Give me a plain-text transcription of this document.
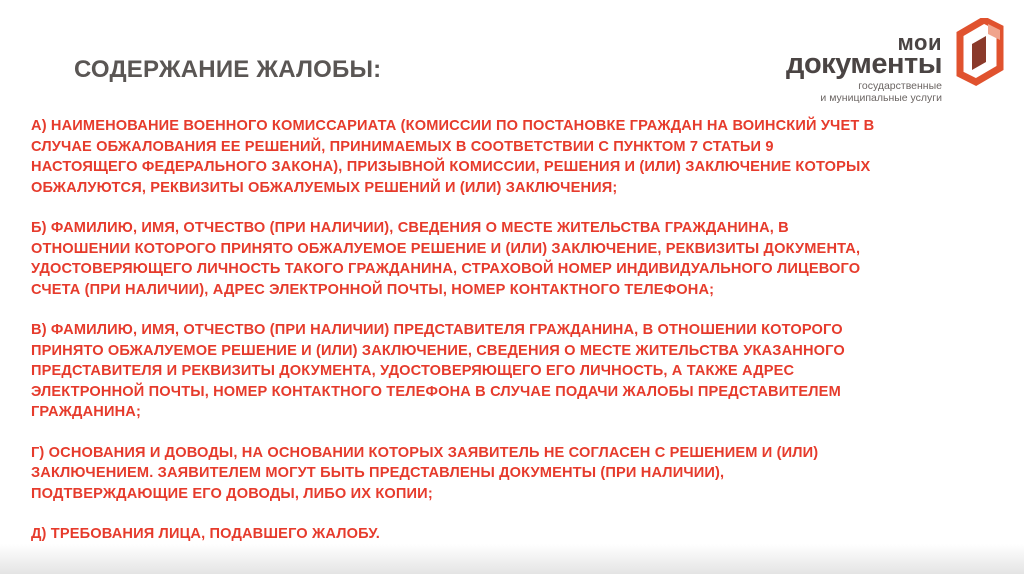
СОДЕРЖАНИЕ ЖАЛОБЫ:
мои
документы
государственные
и муниципальные услуги
А) НАИМЕНОВАНИЕ ВОЕННОГО КОМИССАРИАТА (КОМИССИИ ПО ПОСТАНОВКЕ ГРАЖДАН НА ВОИНСКИЙ УЧЕТ В
СЛУЧАЕ ОБЖАЛОВАНИЯ ЕЕ РЕШЕНИЙ, ПРИНИМАЕМЫХ В СООТВЕТСТВИИ С ПУНКТОМ 7 СТАТЬИ 9
НАСТОЯЩЕГО ФЕДЕРАЛЬНОГО ЗАКОНА), ПРИЗЫВНОЙ КОМИССИИ, РЕШЕНИЯ И (ИЛИ) ЗАКЛЮЧЕНИЕ КОТОРЫХ
ОБЖАЛУЮТСЯ, РЕКВИЗИТЫ ОБЖАЛУЕМЫХ РЕШЕНИЙ И (ИЛИ) ЗАКЛЮЧЕНИЯ;
Б) ФАМИЛИЮ, ИМЯ, ОТЧЕСТВО (ПРИ НАЛИЧИИ), СВЕДЕНИЯ О МЕСТЕ ЖИТЕЛЬСТВА ГРАЖДАНИНА, В
ОТНОШЕНИИ КОТОРОГО ПРИНЯТО ОБЖАЛУЕМОЕ РЕШЕНИЕ И (ИЛИ) ЗАКЛЮЧЕНИЕ, РЕКВИЗИТЫ ДОКУМЕНТА,
УДОСТОВЕРЯЮЩЕГО ЛИЧНОСТЬ ТАКОГО ГРАЖДАНИНА, СТРАХОВОЙ НОМЕР ИНДИВИДУАЛЬНОГО ЛИЦЕВОГО
СЧЕТА (ПРИ НАЛИЧИИ), АДРЕС ЭЛЕКТРОННОЙ ПОЧТЫ, НОМЕР КОНТАКТНОГО ТЕЛЕФОНА;
В) ФАМИЛИЮ, ИМЯ, ОТЧЕСТВО (ПРИ НАЛИЧИИ) ПРЕДСТАВИТЕЛЯ ГРАЖДАНИНА, В ОТНОШЕНИИ КОТОРОГО
ПРИНЯТО ОБЖАЛУЕМОЕ РЕШЕНИЕ И (ИЛИ) ЗАКЛЮЧЕНИЕ, СВЕДЕНИЯ О МЕСТЕ ЖИТЕЛЬСТВА УКАЗАННОГО
ПРЕДСТАВИТЕЛЯ И РЕКВИЗИТЫ ДОКУМЕНТА, УДОСТОВЕРЯЮЩЕГО ЕГО ЛИЧНОСТЬ, А ТАКЖЕ АДРЕС
ЭЛЕКТРОННОЙ ПОЧТЫ, НОМЕР КОНТАКТНОГО ТЕЛЕФОНА В СЛУЧАЕ ПОДАЧИ ЖАЛОБЫ ПРЕДСТАВИТЕЛЕМ
ГРАЖДАНИНА;
Г) ОСНОВАНИЯ И ДОВОДЫ, НА ОСНОВАНИИ КОТОРЫХ ЗАЯВИТЕЛЬ НЕ СОГЛАСЕН С РЕШЕНИЕМ И (ИЛИ)
ЗАКЛЮЧЕНИЕМ. ЗАЯВИТЕЛЕМ МОГУТ БЫТЬ ПРЕДСТАВЛЕНЫ ДОКУМЕНТЫ (ПРИ НАЛИЧИИ),
ПОДТВЕРЖДАЮЩИЕ ЕГО ДОВОДЫ, ЛИБО ИХ КОПИИ;
Д) ТРЕБОВАНИЯ ЛИЦА, ПОДАВШЕГО ЖАЛОБУ.
